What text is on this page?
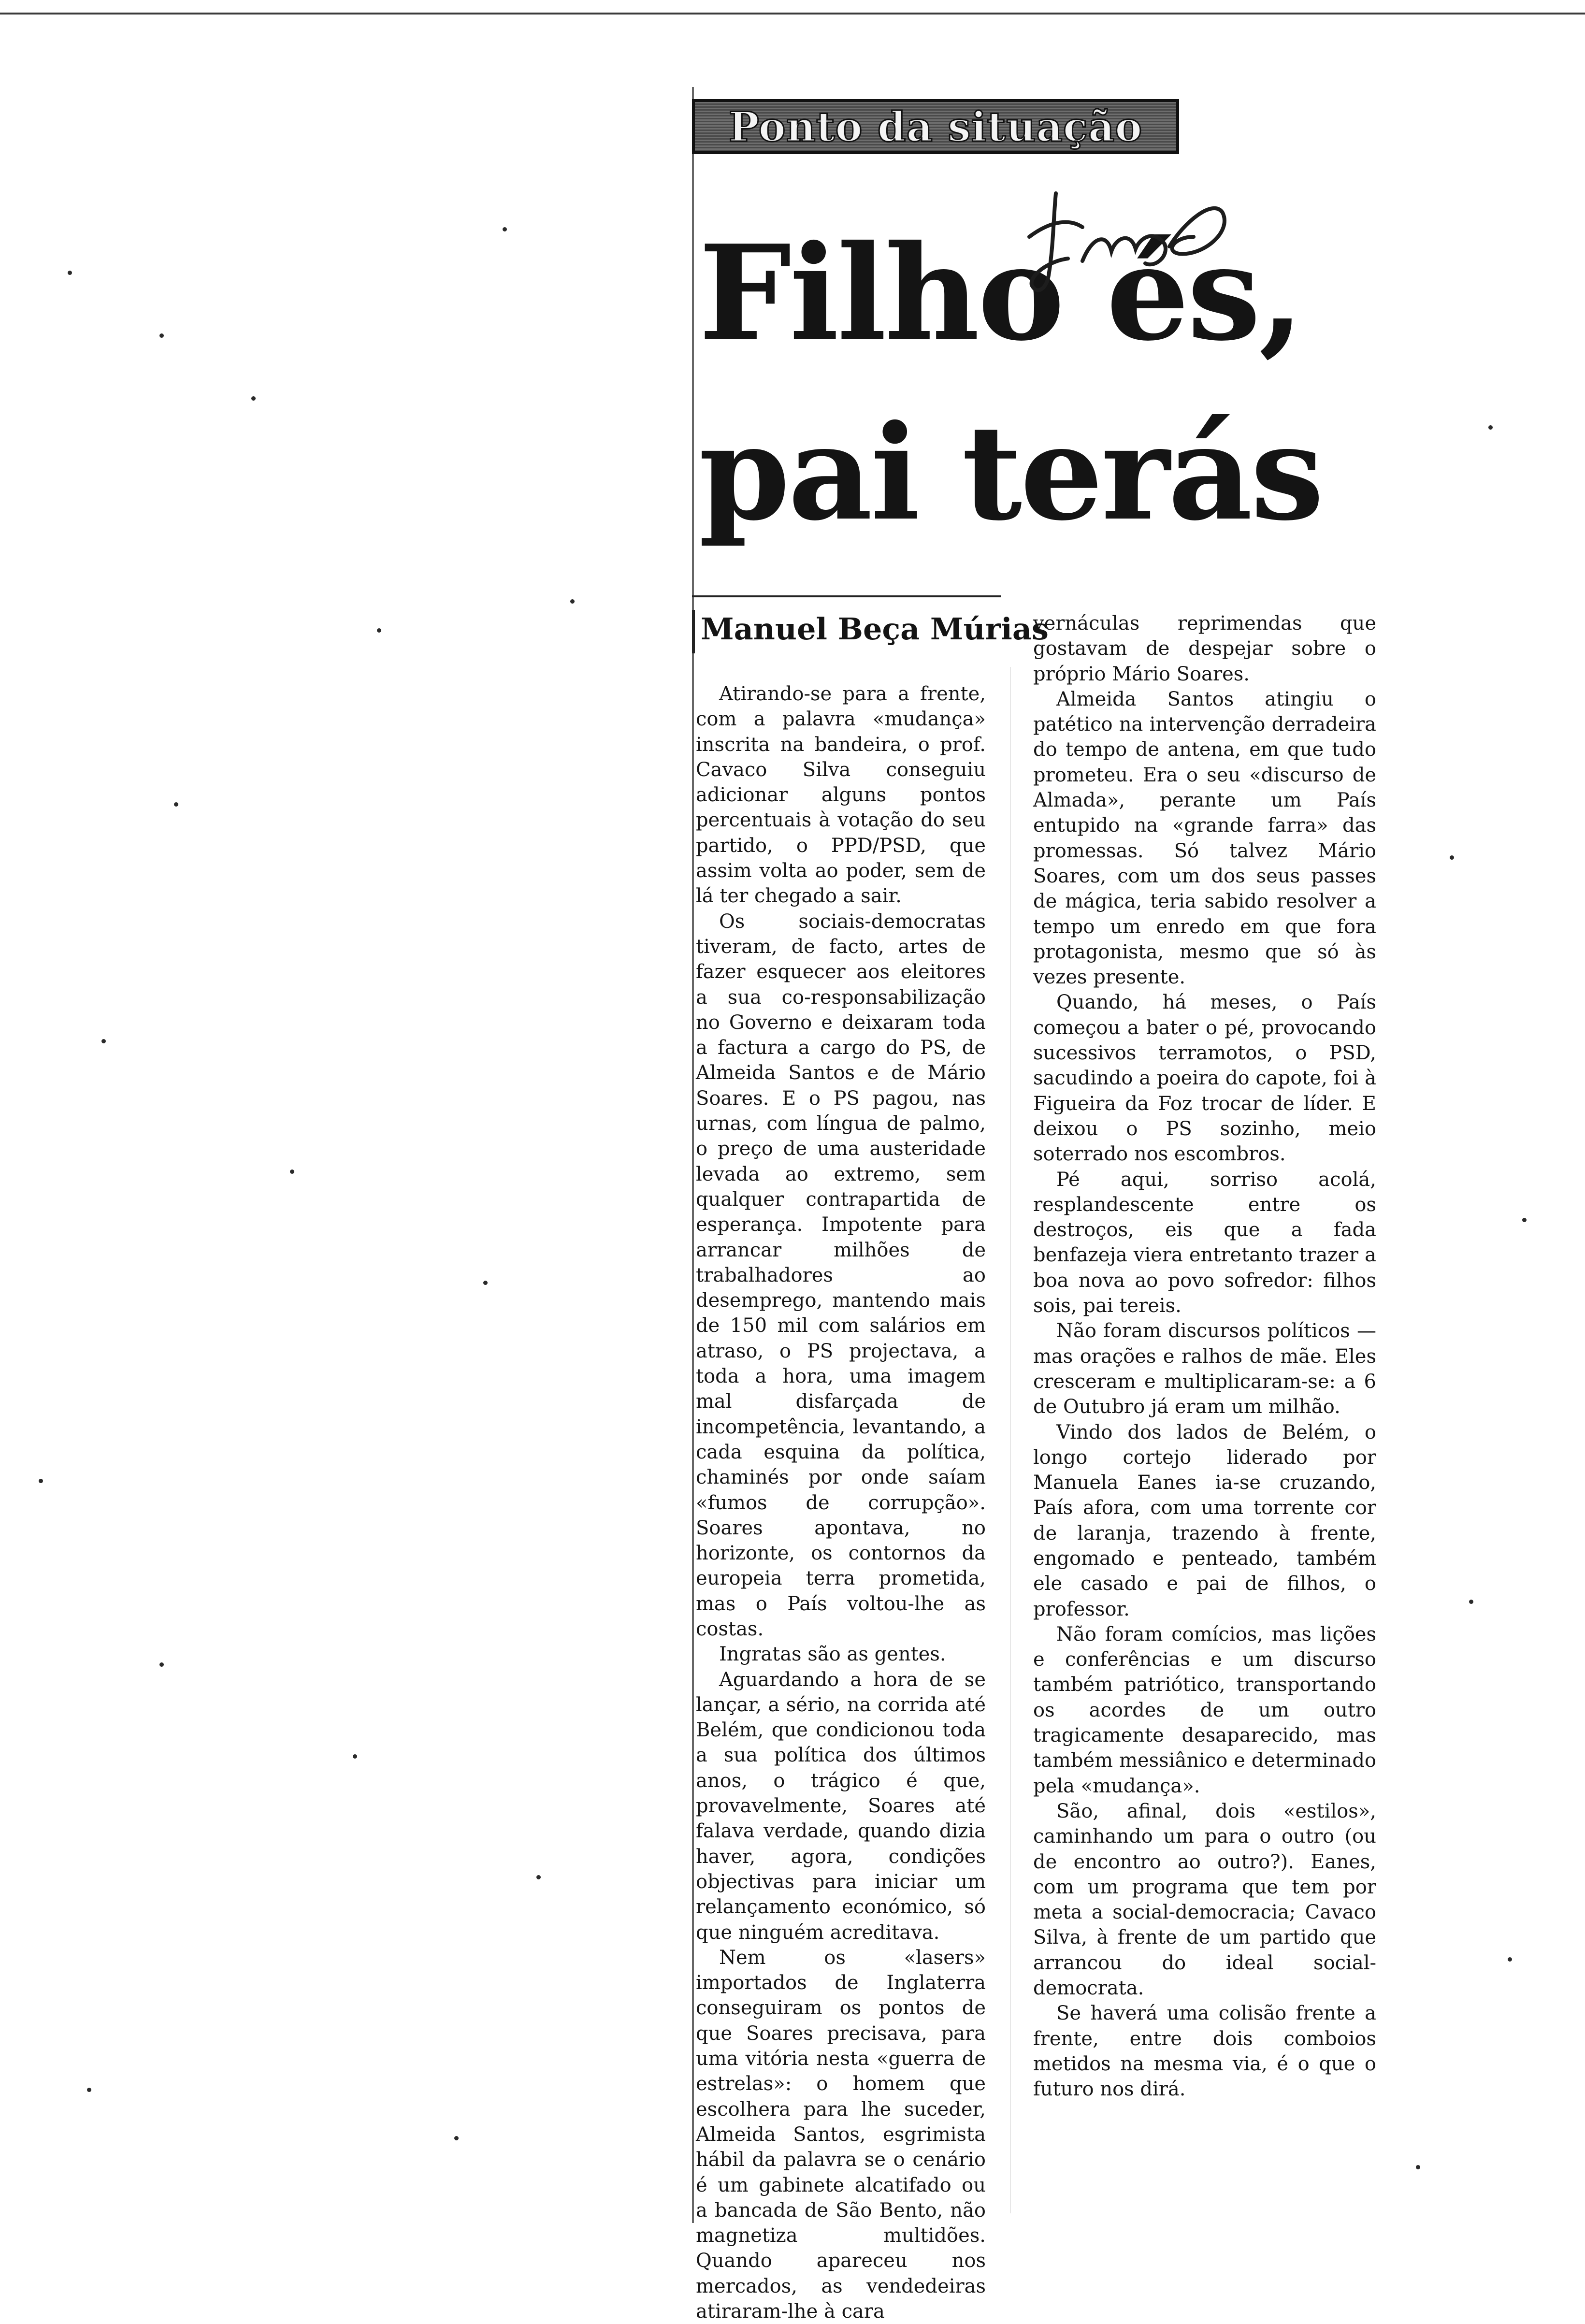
Ponto da situação
Filho és,
pai terás
Manuel Beça Múrias

Atirando-se para a frente, com a palavra «mudança» inscrita na bandeira, o prof. Cavaco Silva conseguiu adicionar alguns pontos percentuais à votação do seu partido, o PPD/PSD, que assim volta ao poder, sem de lá ter chegado a sair.

Os sociais-democratas tiveram, de facto, artes de fazer esquecer aos eleitores a sua co-responsabilização no Governo e deixaram toda a factura a cargo do PS, de Almeida Santos e de Mário Soares. E o PS pagou, nas urnas, com língua de palmo, o preço de uma austeridade levada ao extremo, sem qualquer contrapartida de esperança. Impotente para arrancar milhões de trabalhadores ao desemprego, mantendo mais de 150 mil com salários em atraso, o PS projectava, a toda a hora, uma imagem mal disfarçada de incompetência, levantando, a cada esquina da política, chaminés por onde saíam «fumos de corrupção». Soares apontava, no horizonte, os contornos da europeia terra prometida, mas o País voltou-lhe as costas.

Ingratas são as gentes.

Aguardando a hora de se lançar, a sério, na corrida até Belém, que condicionou toda a sua política dos últimos anos, o trágico é que, provavelmente, Soares até falava verdade, quando dizia haver, agora, condições objectivas para iniciar um relançamento económico, só que ninguém acreditava.

Nem os «lasers» importados de Inglaterra conseguiram os pontos de que Soares precisava, para uma vitória nesta «guerra de estrelas»: o homem que escolhera para lhe suceder, Almeida Santos, esgrimista hábil da palavra se o cenário é um gabinete alcatifado ou a bancada de São Bento, não magnetiza multidões. Quando apareceu nos mercados, as vendedeiras atiraram-lhe à cara

vernáculas reprimendas que gostavam de despejar sobre o próprio Mário Soares.

Almeida Santos atingiu o patético na intervenção derradeira do tempo de antena, em que tudo prometeu. Era o seu «discurso de Almada», perante um País entupido na «grande farra» das promessas. Só talvez Mário Soares, com um dos seus passes de mágica, teria sabido resolver a tempo um enredo em que fora protagonista, mesmo que só às vezes presente.

Quando, há meses, o País começou a bater o pé, provocando sucessivos terramotos, o PSD, sacudindo a poeira do capote, foi à Figueira da Foz trocar de líder. E deixou o PS sozinho, meio soterrado nos escombros.

Pé aqui, sorriso acolá, resplandescente entre os destroços, eis que a fada benfazeja viera entretanto trazer a boa nova ao povo sofredor: filhos sois, pai tereis.

Não foram discursos políticos — mas orações e ralhos de mãe. Eles cresceram e multiplicaram-se: a 6 de Outubro já eram um milhão.

Vindo dos lados de Belém, o longo cortejo liderado por Manuela Eanes ia-se cruzando, País afora, com uma torrente cor de laranja, trazendo à frente, engomado e penteado, também ele casado e pai de filhos, o professor.

Não foram comícios, mas lições e conferências e um discurso também patriótico, transportando os acordes de um outro tragicamente desaparecido, mas também messiânico e determinado pela «mudança».

São, afinal, dois «estilos», caminhando um para o outro (ou de encontro ao outro?). Eanes, com um programa que tem por meta a social-democracia; Cavaco Silva, à frente de um partido que arrancou do ideal social-democrata.

Se haverá uma colisão frente a frente, entre dois comboios metidos na mesma via, é o que o futuro nos dirá.
